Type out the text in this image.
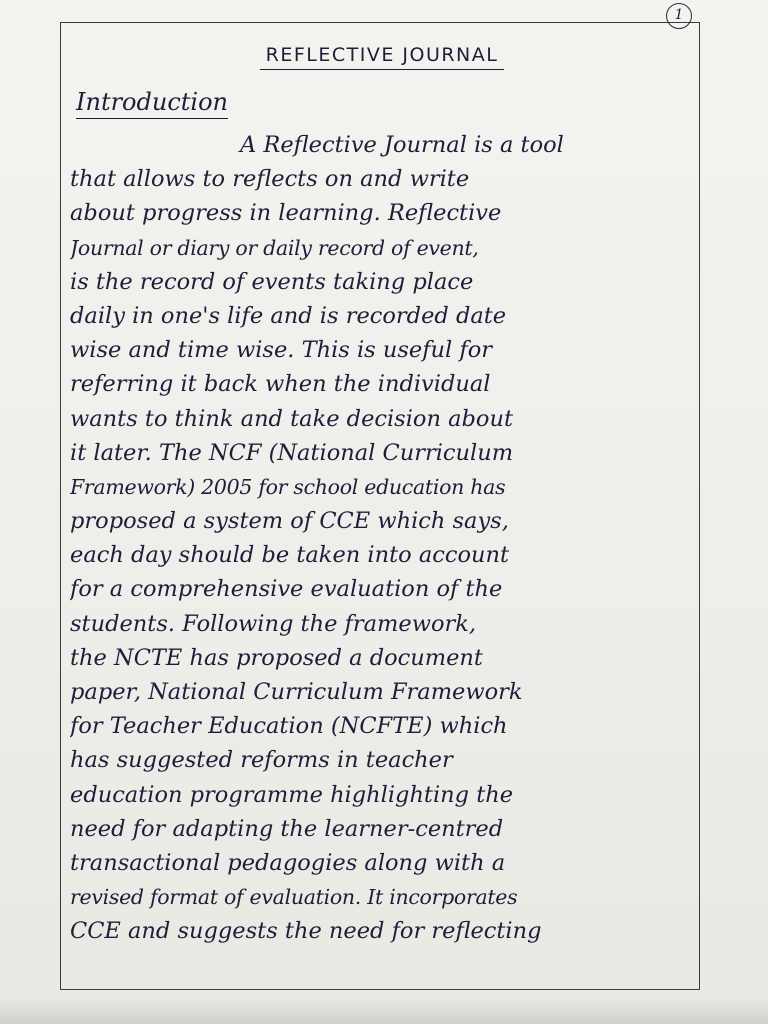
1
REFLECTIVE JOURNAL
Introduction
A Reflective Journal is a tool
that allows to reflects on and write
about progress in learning. Reflective
Journal or diary or daily record of event,
is the record of events taking place
daily in one's life and is recorded date
wise and time wise. This is useful for
referring it back when the individual
wants to think and take decision about
it later. The NCF (National Curriculum
Framework) 2005 for school education has
proposed a system of CCE which says,
each day should be taken into account
for a comprehensive evaluation of the
students. Following the framework,
the NCTE has proposed a document
paper, National Curriculum Framework
for Teacher Education (NCFTE) which
has suggested reforms in teacher
education programme highlighting the
need for adapting the learner-centred
transactional pedagogies along with a
revised format of evaluation. It incorporates
CCE and suggests the need for reflecting
